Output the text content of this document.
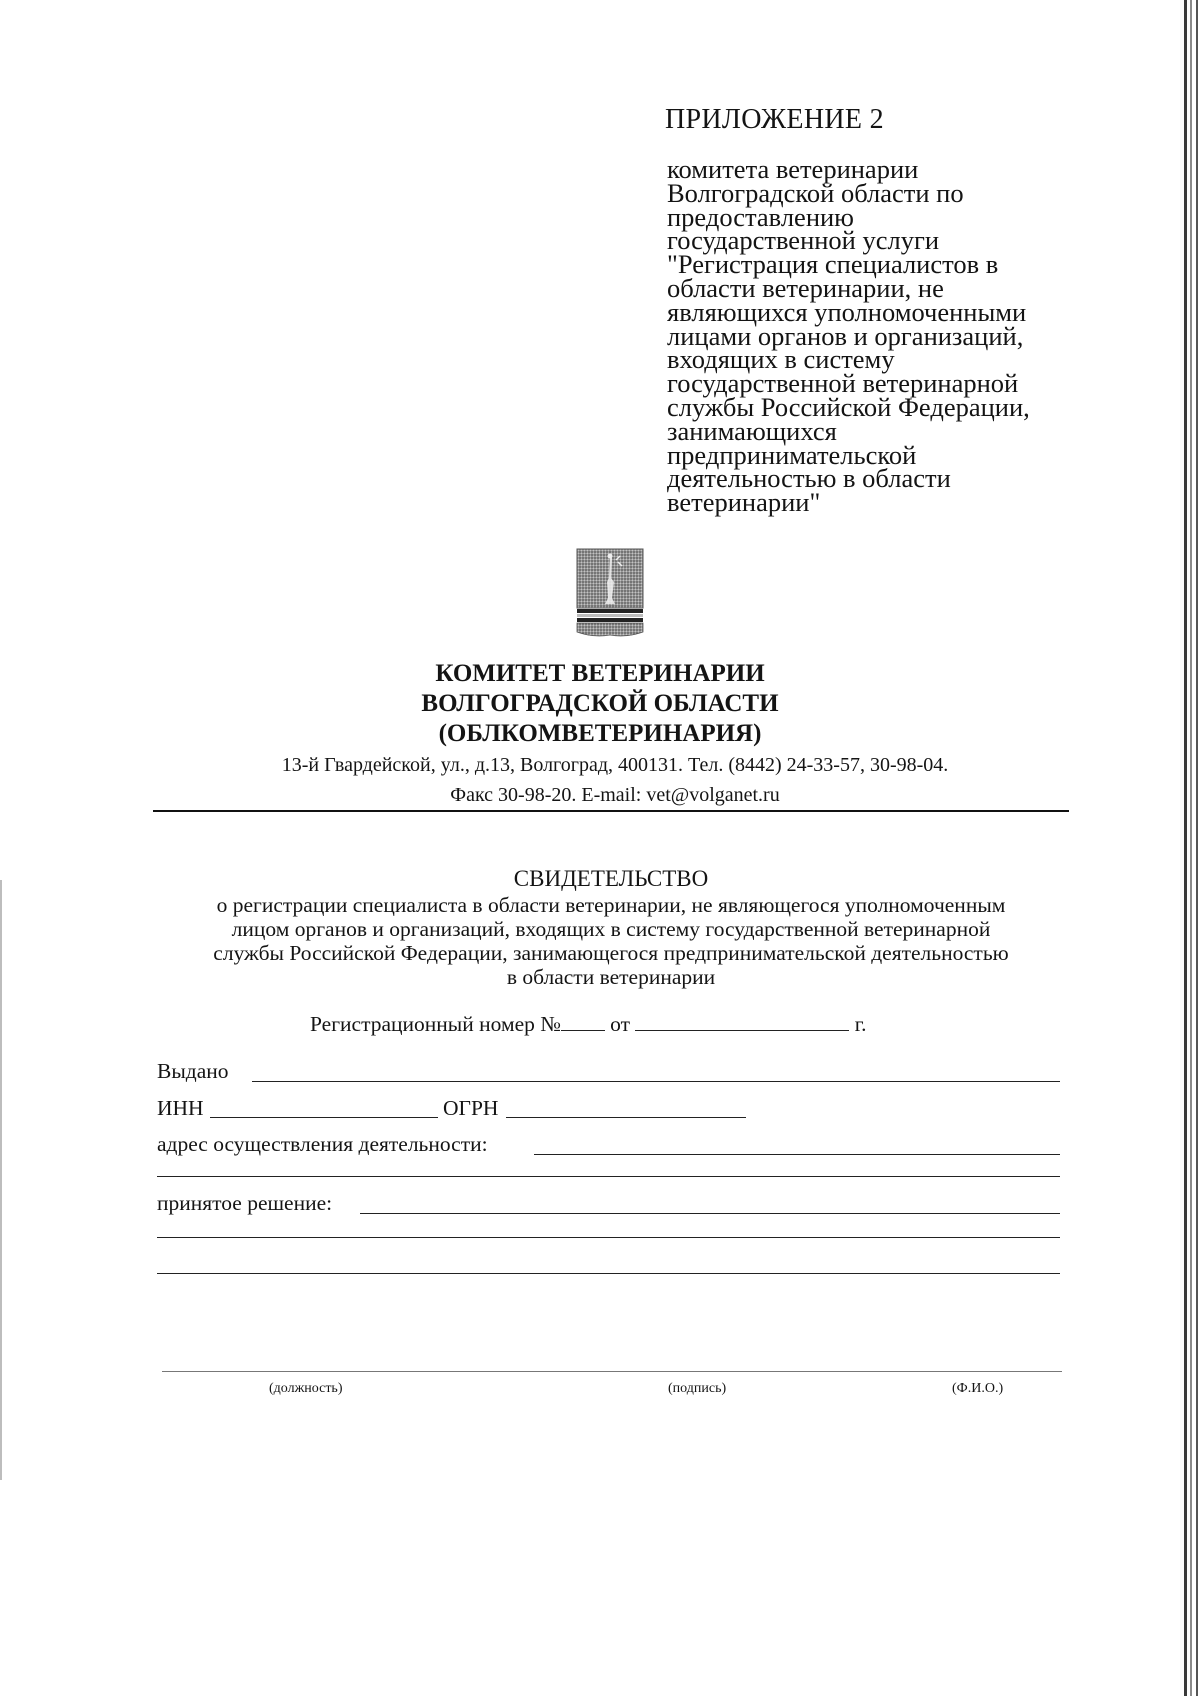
ПРИЛОЖЕНИЕ 2
комитета ветеринарии
Волгоградской области по
предоставлению
государственной услуги
"Регистрация специалистов в
области ветеринарии, не
являющихся уполномоченными
лицами органов и организаций,
входящих в систему
государственной ветеринарной
службы Российской Федерации,
занимающихся
предпринимательской
деятельностью в области
ветеринарии"
КОМИТЕТ ВЕТЕРИНАРИИ
ВОЛГОГРАДСКОЙ ОБЛАСТИ
(ОБЛКОМВЕТЕРИНАРИЯ)
13-й Гвардейской, ул., д.13, Волгоград, 400131. Тел. (8442) 24-33-57, 30-98-04.
Факс 30-98-20. E-mail: vet@volganet.ru
СВИДЕТЕЛЬСТВО
о регистрации специалиста в области ветеринарии, не являющегося уполномоченным
лицом органов и организаций, входящих в систему государственной ветеринарной
службы Российской Федерации, занимающегося предпринимательской деятельностью
в области ветеринарии
Регистрационный номер № от	г.
Выдано
ИНН	ОГРН
адрес осуществления деятельности:
принятое решение:
(должность)	(подпись)	(Ф.И.О.)
